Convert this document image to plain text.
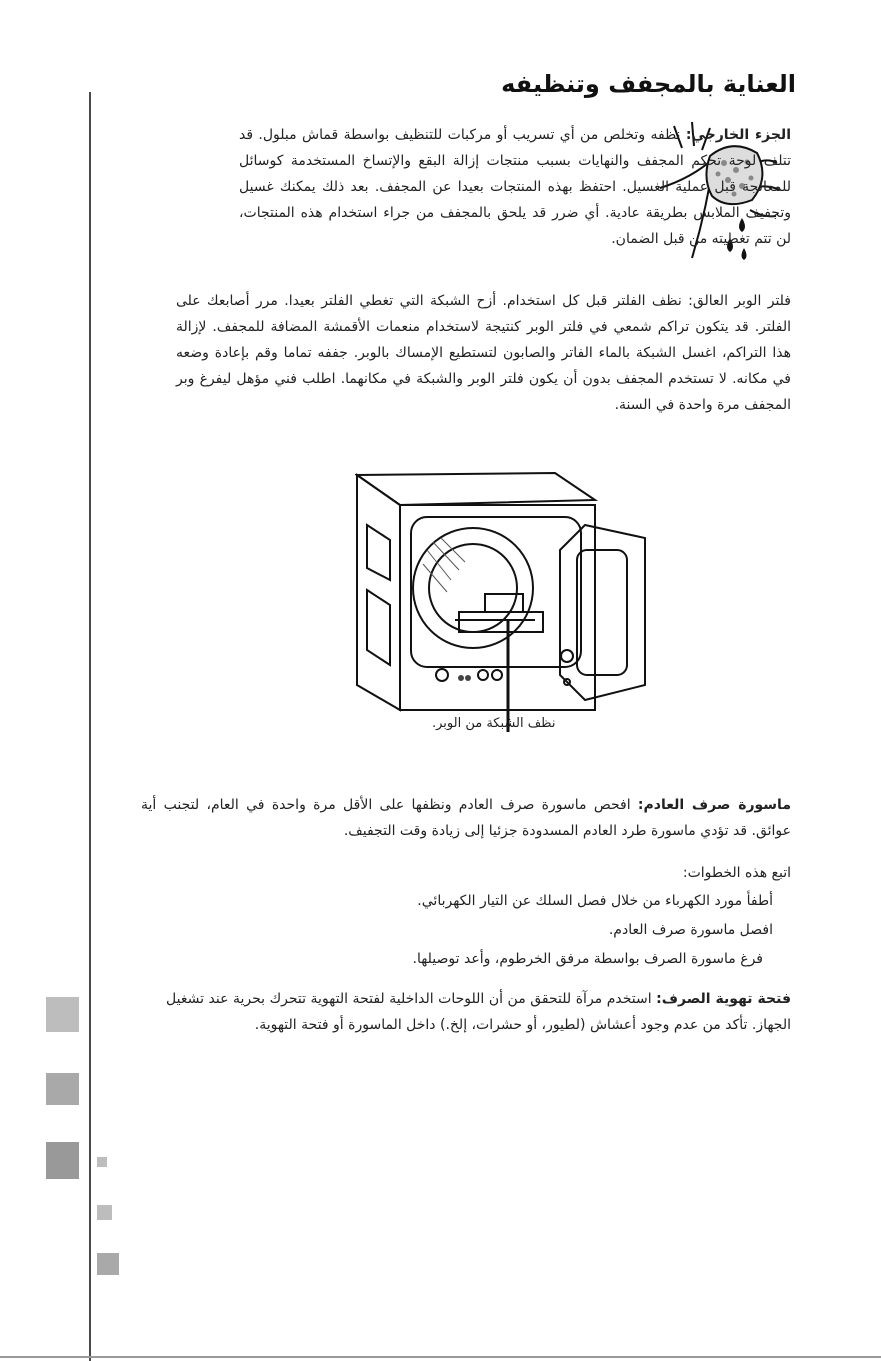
العناية بالمجفف وتنظيفه

الجزء الخارجي: نظفه وتخلص من أي تسريب أو مركبات للتنظيف بواسطة قماش مبلول. قد تتلف لوحة تحكم المجفف والنهايات بسبب منتجات إزالة البقع والإتساخ المستخدمة كوسائل للمعالجة قبل عملية الغسيل. احتفظ بهذه المنتجات بعيدا عن المجفف. بعد ذلك يمكنك غسيل وتجفيف الملابس بطريقة عادية. أي ضرر قد يلحق بالمجفف من جراء استخدام هذه المنتجات، لن تتم تغطيته من قبل الضمان.

فلتر الوبر العالق: نظف الفلتر قبل كل استخدام. أزح الشبكة التي تغطي الفلتر بعيدا. مرر أصابعك على الفلتر. قد يتكون تراكم شمعي في فلتر الوبر كنتيجة لاستخدام منعمات الأقمشة المضافة للمجفف. لإزالة هذا التراكم، اغسل الشبكة بالماء الفاتر والصابون لتستطيع الإمساك بالوبر. جففه تماما وقم بإعادة وضعه في مكانه. لا تستخدم المجفف بدون أن يكون فلتر الوبر والشبكة في مكانهما. اطلب فني مؤهل ليفرغ وبر المجفف مرة واحدة في السنة.

نظف الشبكة من الوبر.

ماسورة صرف العادم: افحص ماسورة صرف العادم ونظفها على الأقل مرة واحدة في العام، لتجنب أية عوائق. قد تؤدي ماسورة طرد العادم المسدودة جزئيا إلى زيادة وقت التجفيف.

اتبع هذه الخطوات:

أطفأ مورد الكهرباء من خلال فصل السلك عن التيار الكهربائي.
افصل ماسورة صرف العادم.
فرغ ماسورة الصرف بواسطة مرفق الخرطوم، وأعد توصيلها.

فتحة تهوية الصرف: استخدم مرآة للتحقق من أن اللوحات الداخلية لفتحة التهوية تتحرك بحرية عند تشغيل الجهاز. تأكد من عدم وجود أعشاش (لطيور، أو حشرات، إلخ.) داخل الماسورة أو فتحة التهوية.
